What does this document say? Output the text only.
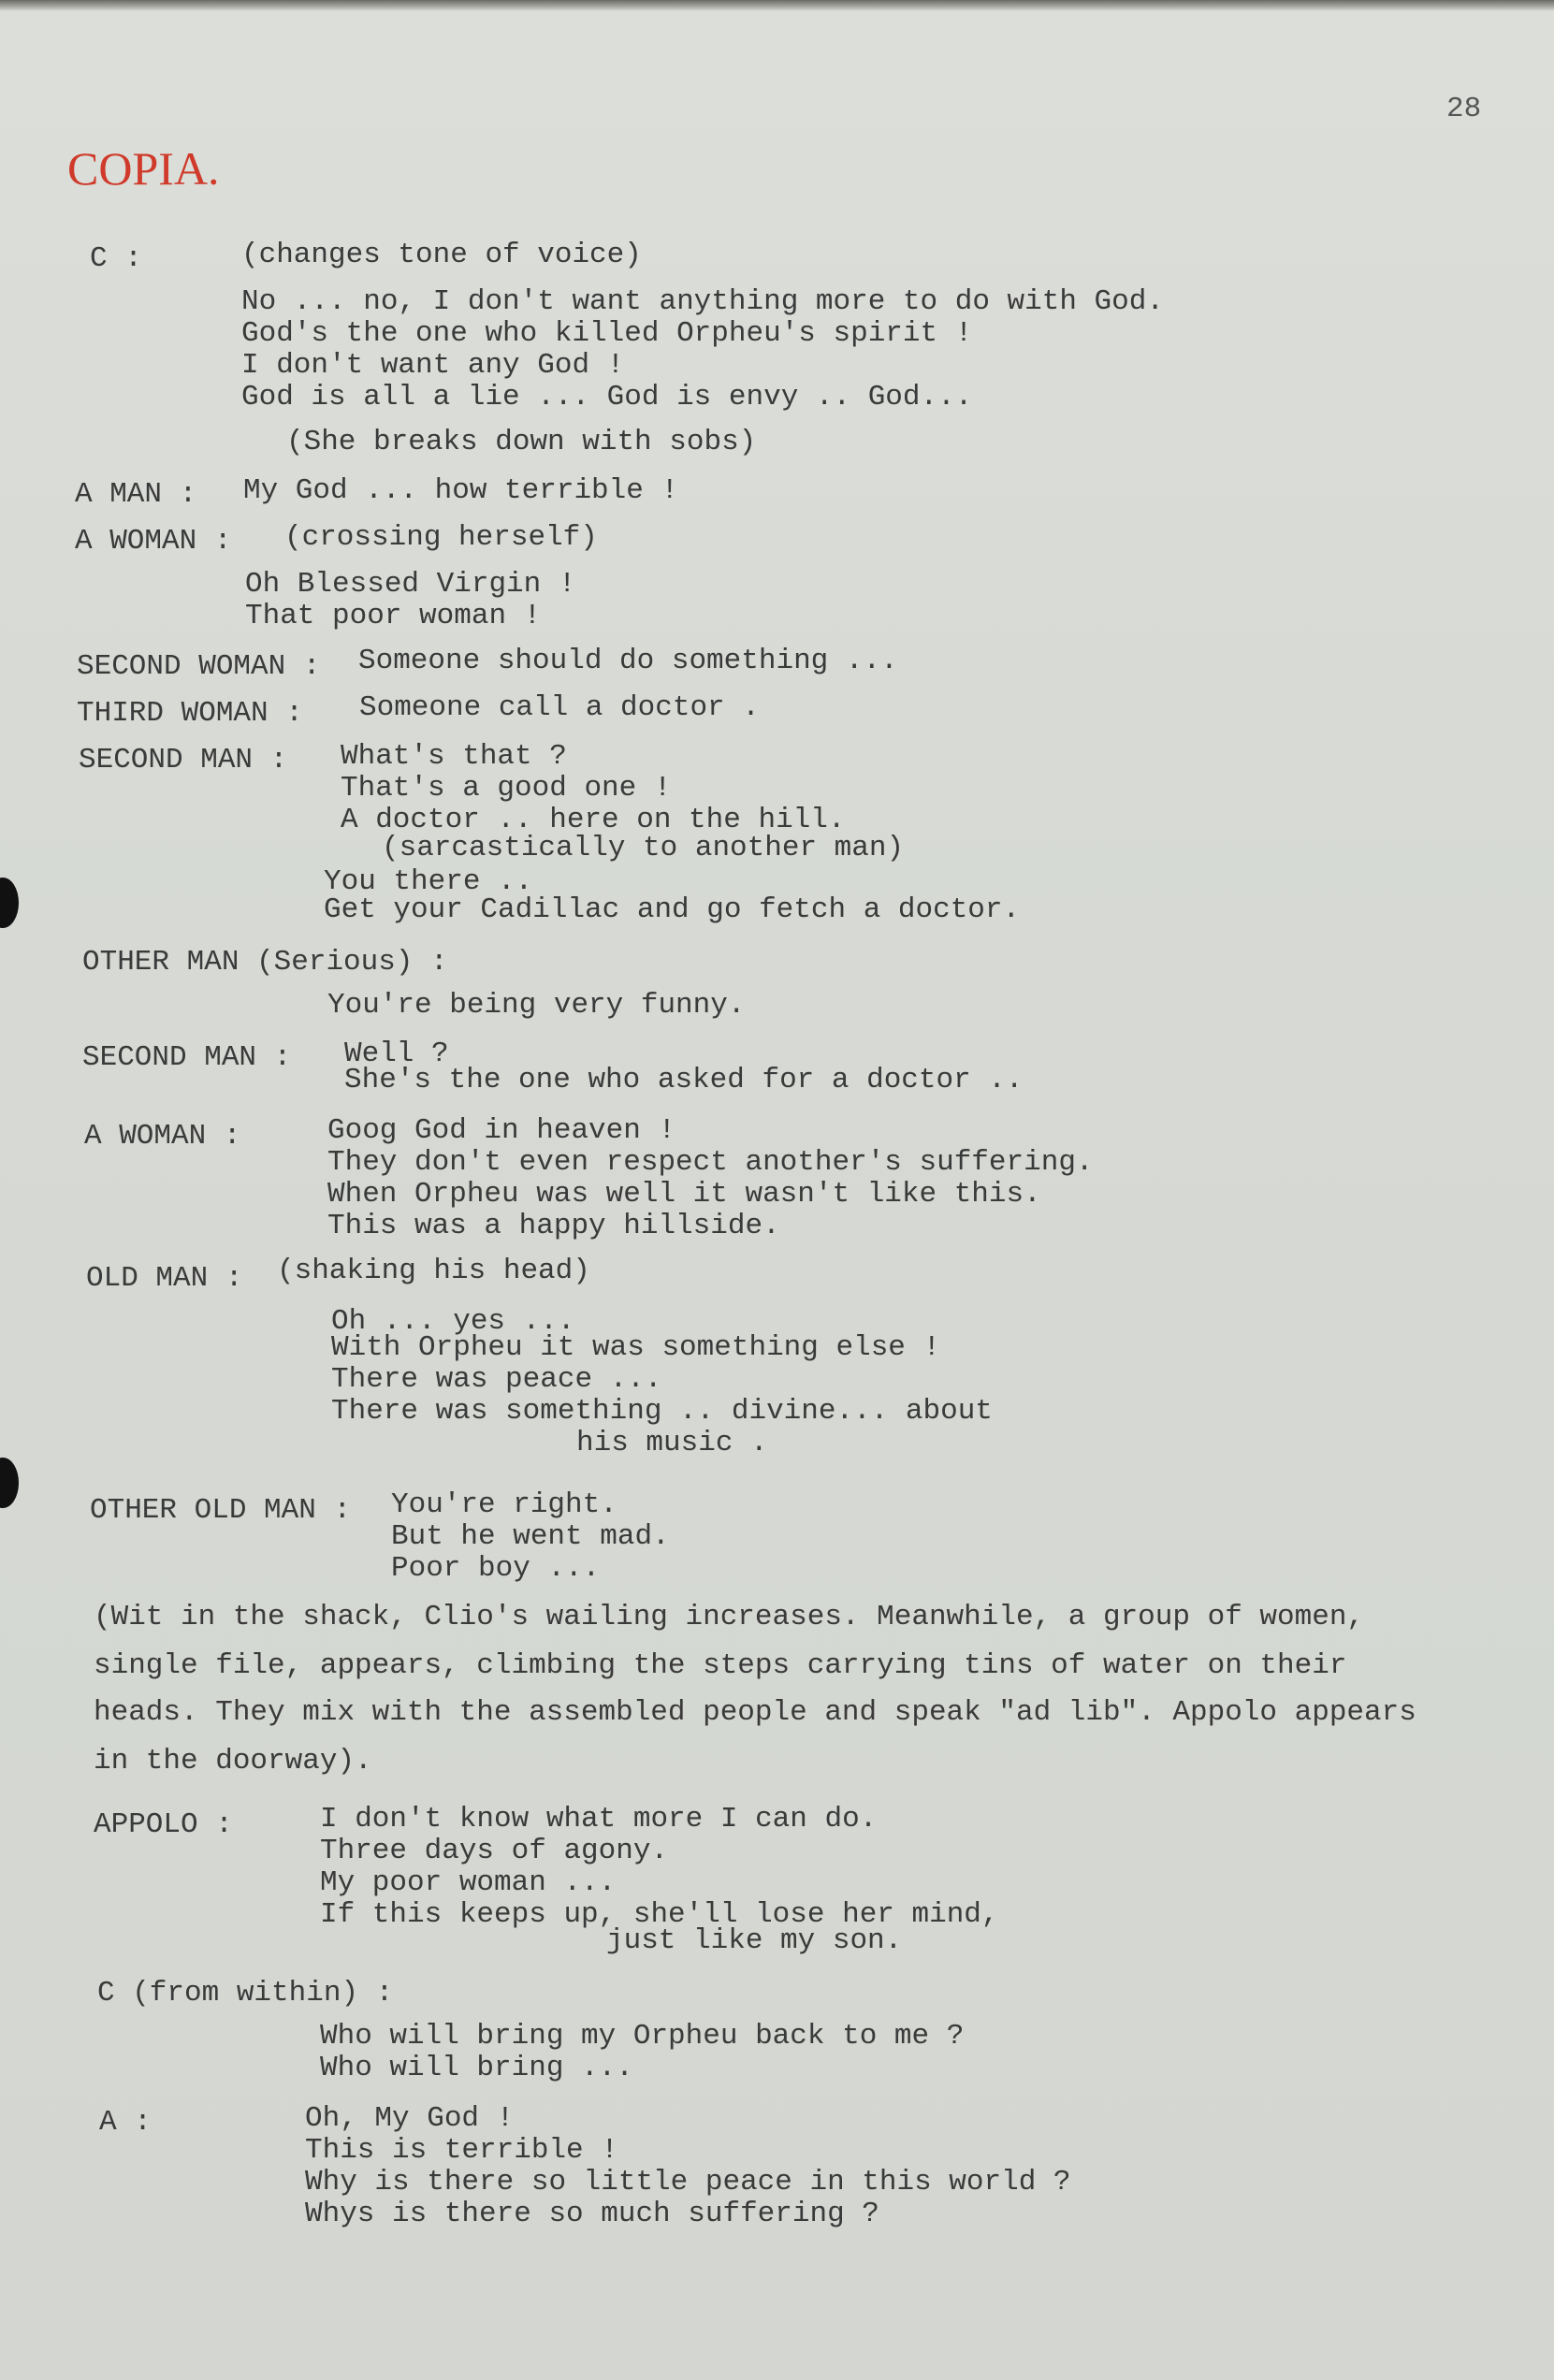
COPIA.
28
C :	(changes tone of voice)
No ... no, I don't want anything more to do with God.
God's the one who killed Orpheu's spirit !
I don't want any God !
God is all a lie ... God is envy .. God...
(She breaks down with sobs)
A MAN : My God ... how terrible !
A WOMAN : (crossing herself)
Oh Blessed Virgin !
That poor woman !
SECOND WOMAN : Someone should do something ...
THIRD WOMAN : Someone call a doctor .
SECOND MAN : What's that ?
That's a good one !
A doctor .. here on the hill.
(sarcastically to another man)
You there ..
Get your Cadillac and go fetch a doctor.
OTHER MAN (Serious) :
You're being very funny.
SECOND MAN : Well ?
She's the one who asked for a doctor ..
A WOMAN :	Goog God in heaven !
They don't even respect another's suffering.
When Orpheu was well it wasn't like this.
This was a happy hillside.
OLD MAN : (shaking his head)
Oh ... yes ...
With Orpheu it was something else !
There was peace ...
There was something .. divine... about
his music .
OTHER OLD MAN : You're right.
But he went mad.
Poor boy ...
(Wit in the shack, Clio's wailing increases. Meanwhile, a group of women,
single file, appears, climbing the steps carrying tins of water on their
heads. They mix with the assembled people and speak "ad lib". Appolo appears
in the doorway).
APPOLO :	I don't know what more I can do.
Three days of agony.
My poor woman ...
If this keeps up, she'll lose her mind,
just like my son.
C (from within) :
Who will bring my Orpheu back to me ?
Who will bring ...
A :	Oh, My God !
This is terrible !
Why is there so little peace in this world ?
Whys is there so much suffering ?
